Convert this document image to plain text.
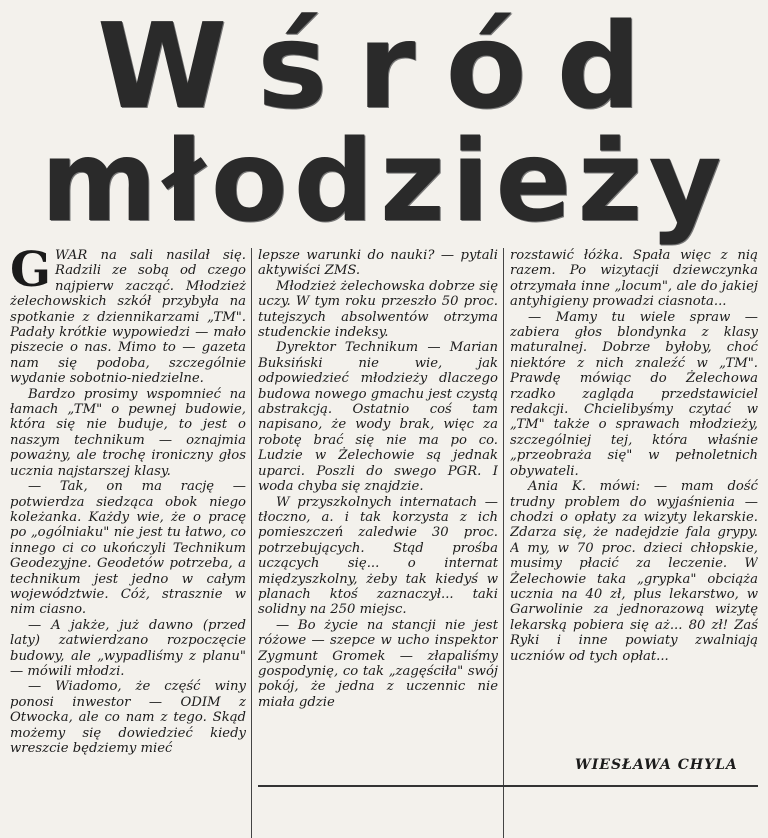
Wśród
młodzieży

GWAR na sali nasilał się. Radzili ze sobą od czego najpierw zacząć. Młodzież żelechowskich szkół przybyła na spotkanie z dziennikarzami „TM". Padały krótkie wypowiedzi — mało piszecie o nas. Mimo to — gazeta nam się podoba, szczególnie wydanie sobotnio-niedzielne.

Bardzo prosimy wspomnieć na łamach „TM" o pewnej budowie, która się nie buduje, to jest o naszym technikum — oznajmia poważny, ale trochę ironiczny głos ucznia najstarszej klasy.

— Tak, on ma rację — potwierdza siedząca obok niego koleżanka. Każdy wie, że o pracę po „ogólniaku" nie jest tu łatwo, co innego ci co ukończyli Technikum Geodezyjne. Geodetów potrzeba, a technikum jest jedno w całym województwie. Cóż, strasznie w nim ciasno.

— A jakże, już dawno (przed laty) zatwierdzano rozpoczęcie budowy, ale „wypadliśmy z planu" — mówili młodzi.

— Wiadomo, że część winy ponosi inwestor — ODIM z Otwocka, ale co nam z tego. Skąd możemy się dowiedzieć kiedy wreszcie będziemy mieć

lepsze warunki do nauki? — pytali aktywiści ZMS.

Młodzież żelechowska dobrze się uczy. W tym roku przeszło 50 proc. tutejszych absolwentów otrzyma studenckie indeksy.

Dyrektor Technikum — Marian Buksiński nie wie, jak odpowiedzieć młodzieży dlaczego budowa nowego gmachu jest czystą abstrakcją. Ostatnio coś tam napisano, że wody brak, więc za robotę brać się nie ma po co. Ludzie w Żelechowie są jednak uparci. Poszli do swego PGR. I woda chyba się znajdzie.

W przyszkolnych internatach — tłoczno, a. i tak korzysta z ich pomieszczeń zaledwie 30 proc. potrzebujących. Stąd prośba uczących się... o internat międzyszkolny, żeby tak kiedyś w planach ktoś zaznaczył... taki solidny na 250 miejsc.

— Bo życie na stancji nie jest różowe — szepce w ucho inspektor Zygmunt Gromek — złapaliśmy gospodynię, co tak „zagęściła" swój pokój, że jedna z uczennic nie miała gdzie

rozstawić łóżka. Spała więc z nią razem. Po wizytacji dziewczynka otrzymała inne „locum", ale do jakiej antyhigieny prowadzi ciasnota...

— Mamy tu wiele spraw — zabiera głos blondynka z klasy maturalnej. Dobrze byłoby, choć niektóre z nich znaleźć w „TM". Prawdę mówiąc do Żelechowa rzadko zagląda przedstawiciel redakcji. Chcielibyśmy czytać w „TM" także o sprawach młodzieży, szczególniej tej, która właśnie „przeobraża się" w pełnoletnich obywateli.

Ania K. mówi: — mam dość trudny problem do wyjaśnienia — chodzi o opłaty za wizyty lekarskie. Zdarza się, że nadejdzie fala grypy. A my, w 70 proc. dzieci chłopskie, musimy płacić za leczenie. W Żelechowie taka „grypka" obciąża ucznia na 40 zł, plus lekarstwo, w Garwolinie za jednorazową wizytę lekarską pobiera się aż... 80 zł! Zaś Ryki i inne powiaty zwalniają uczniów od tych opłat...

WIESŁAWA CHYLA
